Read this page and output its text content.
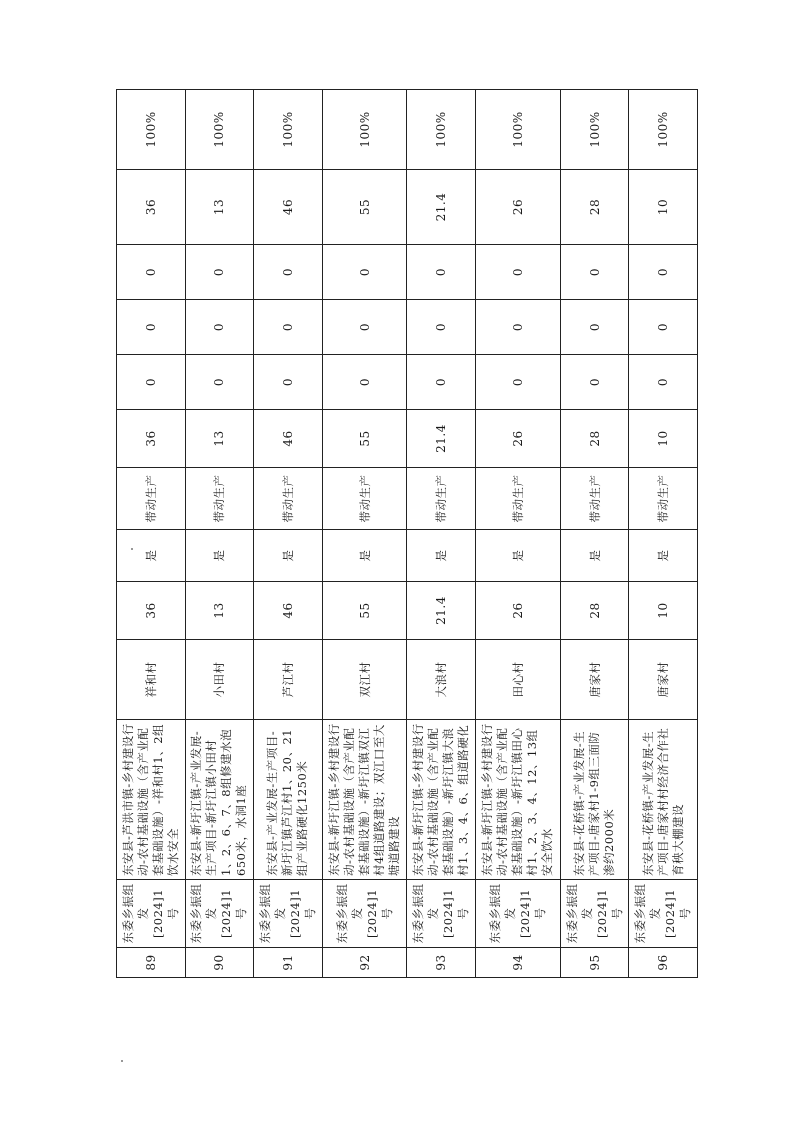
89	东委乡振组发[2024]1号	东安县-芦洪市镇-乡村建设行动-农村基础设施（含产业配套基础设施）-祥和村1、2组饮水安全	祥和村	36	是	带动生产	36	0	0	0	36	100%
90	东委乡振组发[2024]1号	东安县-新圩江镇-产业发展-生产项目-新圩江镇小田村1、2、6、7、8组修建水泡650米，水洞1座	小田村	13	是	带动生产	13	0	0	0	13	100%
91	东委乡振组发[2024]1号	东安县-产业发展-生产项目-新圩江镇芦江村1、20、21组产业路硬化1250米	芦江村	46	是	带动生产	46	0	0	0	46	100%
92	东委乡振组发[2024]1号	东安县-新圩江镇-乡村建设行动-农村基础设施（含产业配套基础设施）-新圩江镇双江村4组道路建设；双江口至大塘道路建设	双江村	55	是	带动生产	55	0	0	0	55	100%
93	东委乡振组发[2024]1号	东安县-新圩江镇-乡村建设行动-农村基础设施（含产业配套基础设施）-新圩江镇大浪村1、3、4、6、组道路硬化	大浪村	21.4	是	带动生产	21.4	0	0	0	21.4	100%
94	东委乡振组发[2024]1号	东安县-新圩江镇-乡村建设行动-农村基础设施（含产业配套基础设施）-新圩江镇田心村1、2、3、4、12、13组安全饮水	田心村	26	是	带动生产	26	0	0	0	26	100%
95	东委乡振组发[2024]1号	东安县-花桥镇-产业发展-生产项目-唐家村1-9组三面防渗约2000米	唐家村	28	是	带动生产	28	0	0	0	28	100%
96	东委乡振组发[2024]1号	东安县-花桥镇-产业发展-生产项目-唐家村村经济合作社育秧大棚建设	唐家村	10	是	带动生产	10	0	0	0	10	100%
